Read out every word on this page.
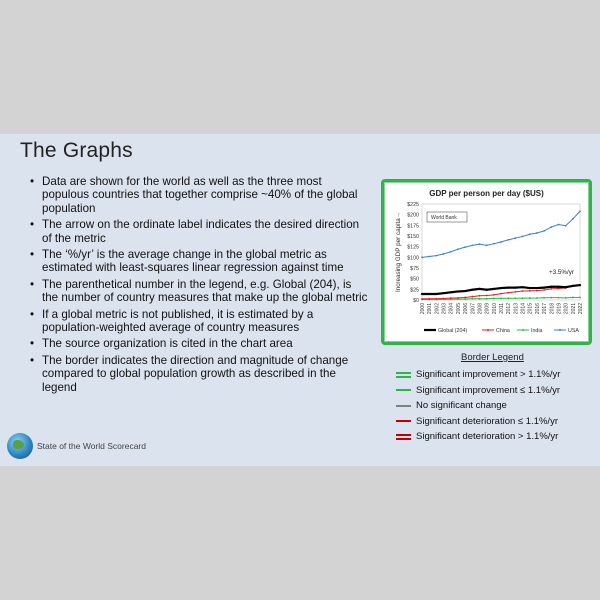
The Graphs
• Data are shown for the world as well as the three most populous countries that together comprise ~40% of the global population
• The arrow on the ordinate label indicates the desired direction of the metric
• The ‘%/yr’ is the average change in the global metric as estimated with least-squares linear regression against time
• The parenthetical number in the legend, e.g. Global (204), is the number of country measures that make up the global metric
• If a global metric is not published, it is estimated by a population-weighted average of country measures
• The source organization is cited in the chart area
• The border indicates the direction and magnitude of change compared to global population growth as described in the legend
State of the World Scorecard
GDP per person per day ($US)
$0
$25
$50
$75
$100
$125
$150
$175
$200
$225
2000 2001 2002 2003 2004 2005 2006 2007 2008 2009 2010 2011 2012 2013 2014 2015 2016 2017 2018 2019 2020 2021 2022
Increasing GDP per capita→	World Bank
+3.5%/yr
Global (204)	China	India	USA
Border Legend
Significant improvement > 1.1%/yr
Significant improvement ≤ 1.1%/yr
No significant change
Significant deterioration ≤ 1.1%/yr
Significant deterioration > 1.1%/yr
